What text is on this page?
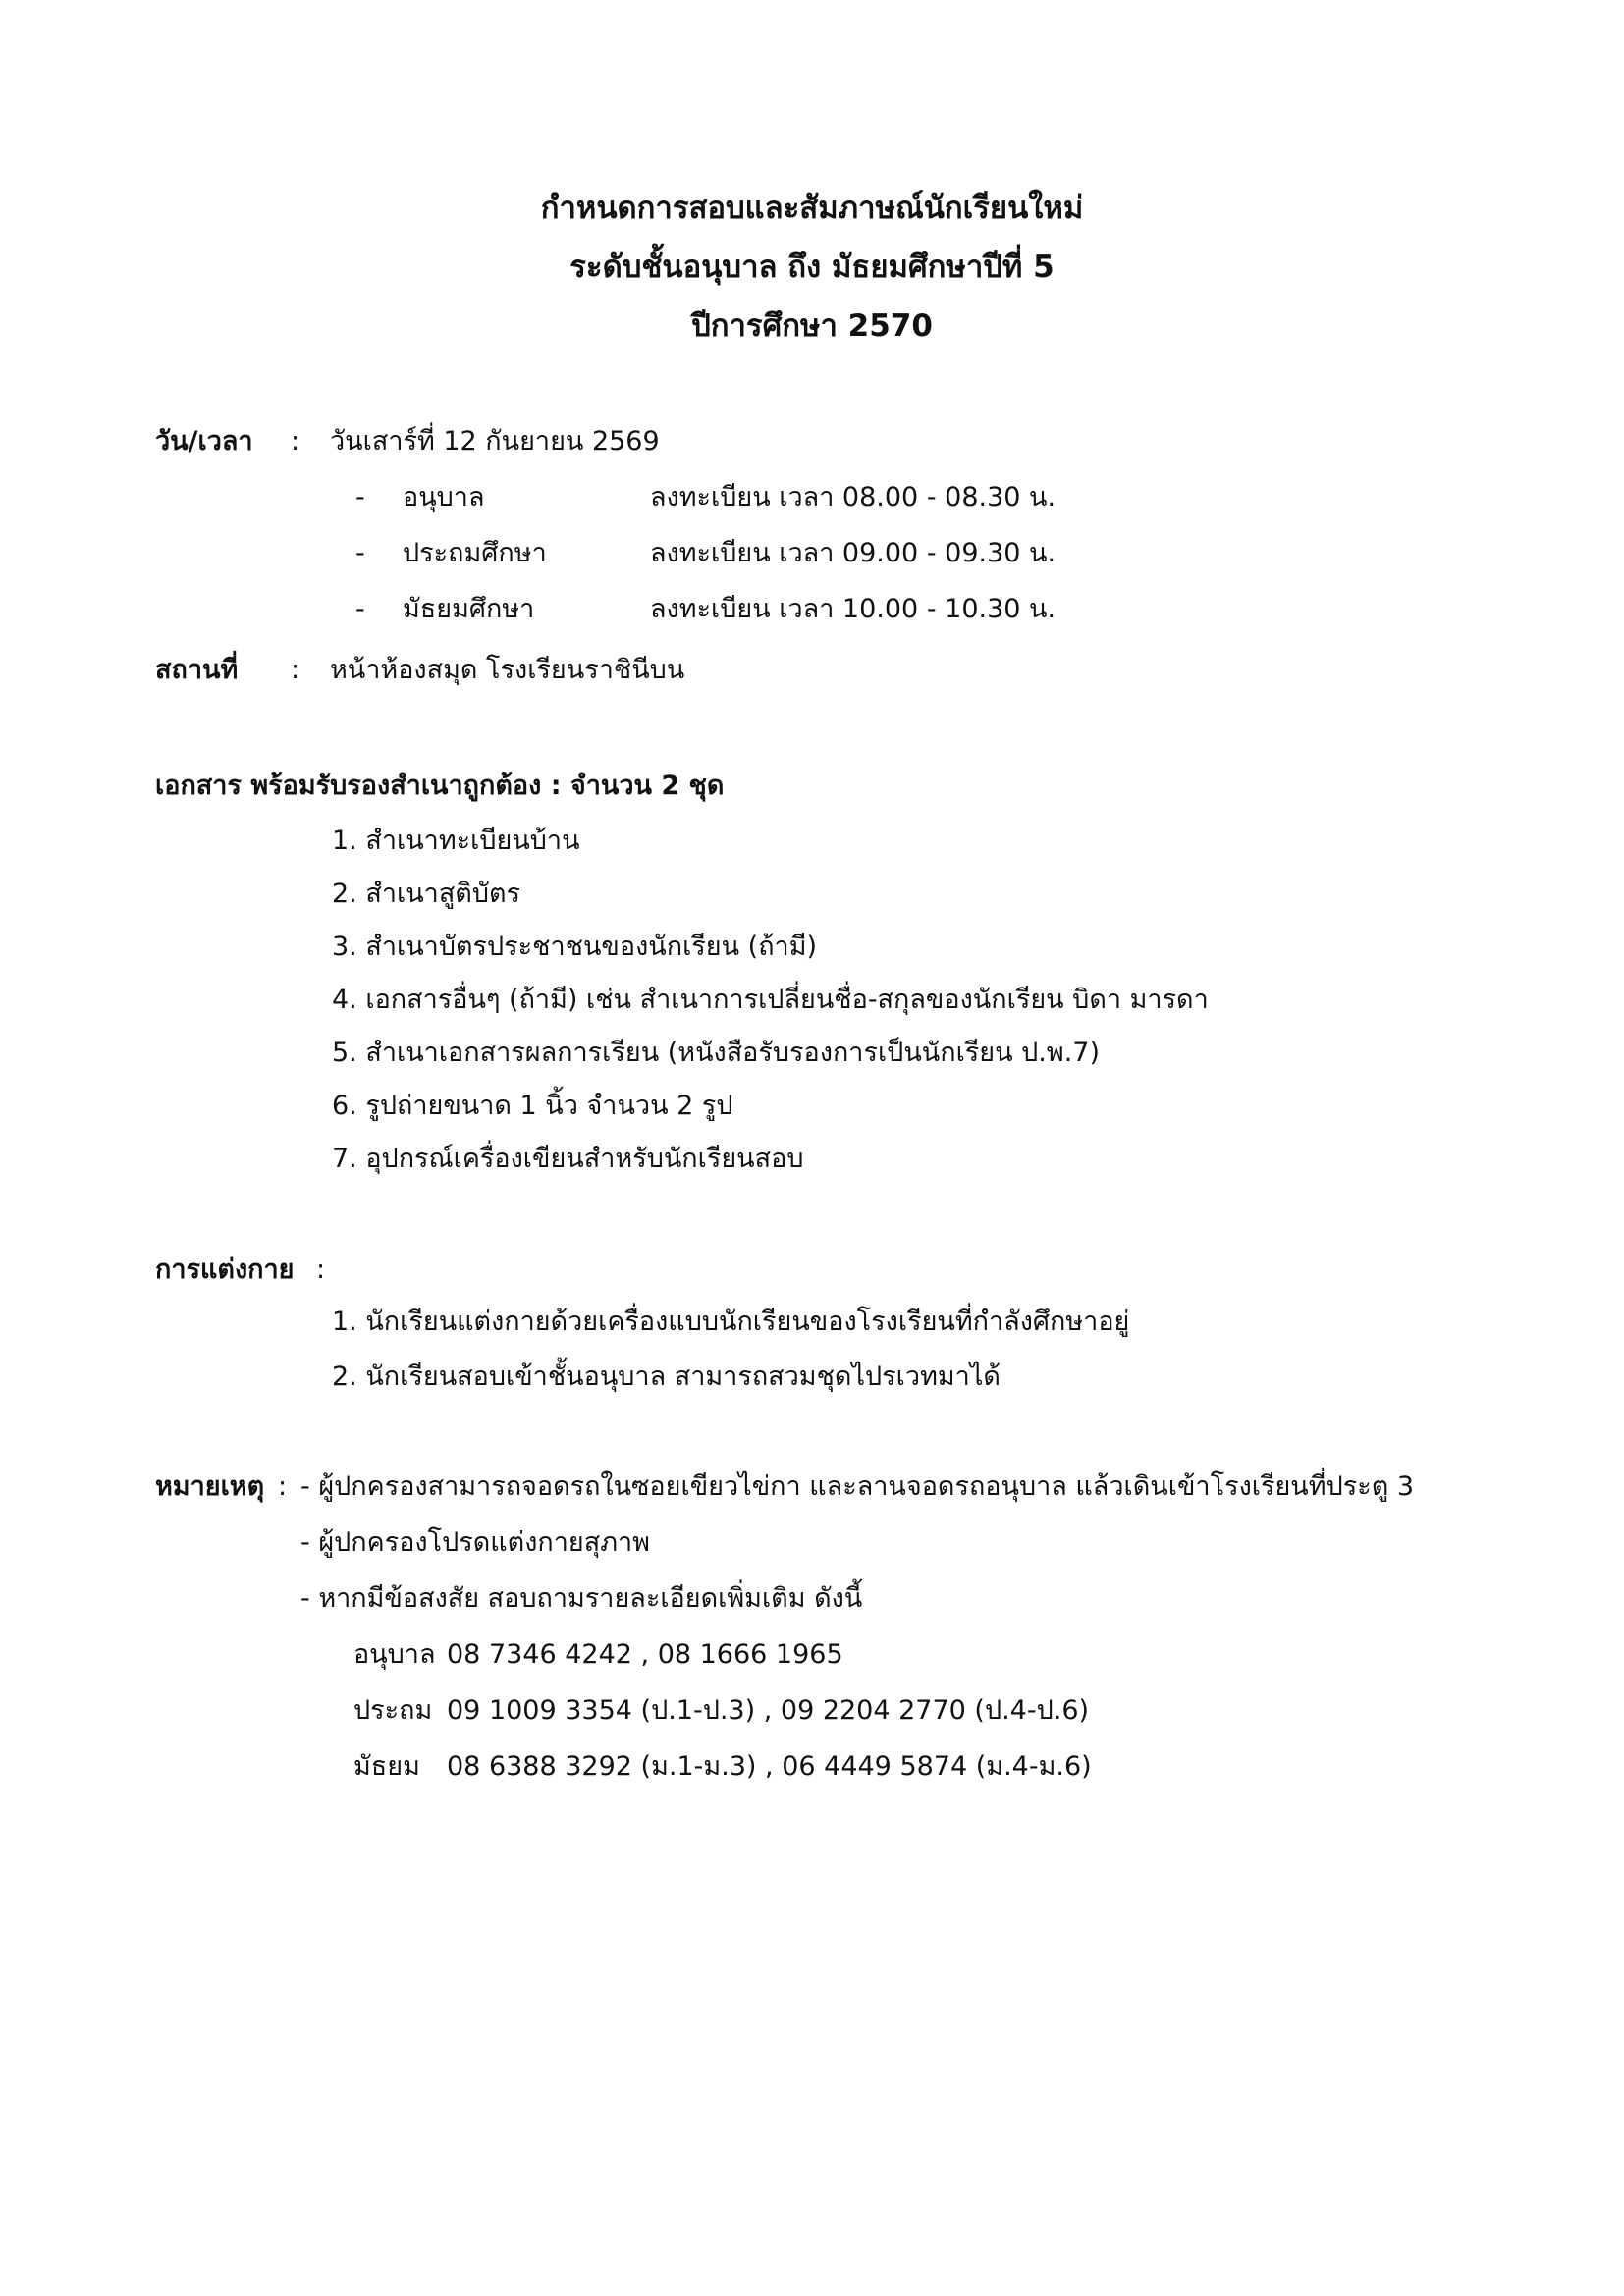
กำหนดการสอบและสัมภาษณ์นักเรียนใหม่
ระดับชั้นอนุบาล ถึง มัธยมศึกษาปีที่ 5
ปีการศึกษา 2570
วัน/เวลา : วันเสาร์ที่ 12 กันยายน 2569
- อนุบาล	ลงทะเบียน เวลา 08.00 - 08.30 น.
- ประถมศึกษา	ลงทะเบียน เวลา 09.00 - 09.30 น.
- มัธยมศึกษา	ลงทะเบียน เวลา 10.00 - 10.30 น.
สถานที่ : หน้าห้องสมุด โรงเรียนราชินีบน
เอกสาร พร้อมรับรองสำเนาถูกต้อง : จำนวน 2 ชุด
1. สำเนาทะเบียนบ้าน
2. สำเนาสูติบัตร
3. สำเนาบัตรประชาชนของนักเรียน (ถ้ามี)
4. เอกสารอื่นๆ (ถ้ามี) เช่น สำเนาการเปลี่ยนชื่อ-สกุลของนักเรียน บิดา มารดา
5. สำเนาเอกสารผลการเรียน (หนังสือรับรองการเป็นนักเรียน ป.พ.7)
6. รูปถ่ายขนาด 1 นิ้ว จำนวน 2 รูป
7. อุปกรณ์เครื่องเขียนสำหรับนักเรียนสอบ
การแต่งกาย :
1. นักเรียนแต่งกายด้วยเครื่องแบบนักเรียนของโรงเรียนที่กำลังศึกษาอยู่
2. นักเรียนสอบเข้าชั้นอนุบาล สามารถสวมชุดไปรเวทมาได้
หมายเหตุ : - ผู้ปกครองสามารถจอดรถในซอยเขียวไข่กา และลานจอดรถอนุบาล แล้วเดินเข้าโรงเรียนที่ประตู 3
- ผู้ปกครองโปรดแต่งกายสุภาพ
- หากมีข้อสงสัย สอบถามรายละเอียดเพิ่มเติม ดังนี้
อนุบาล 08 7346 4242 , 08 1666 1965
ประถม 09 1009 3354 (ป.1-ป.3) , 09 2204 2770 (ป.4-ป.6)
มัธยม 08 6388 3292 (ม.1-ม.3) , 06 4449 5874 (ม.4-ม.6)
